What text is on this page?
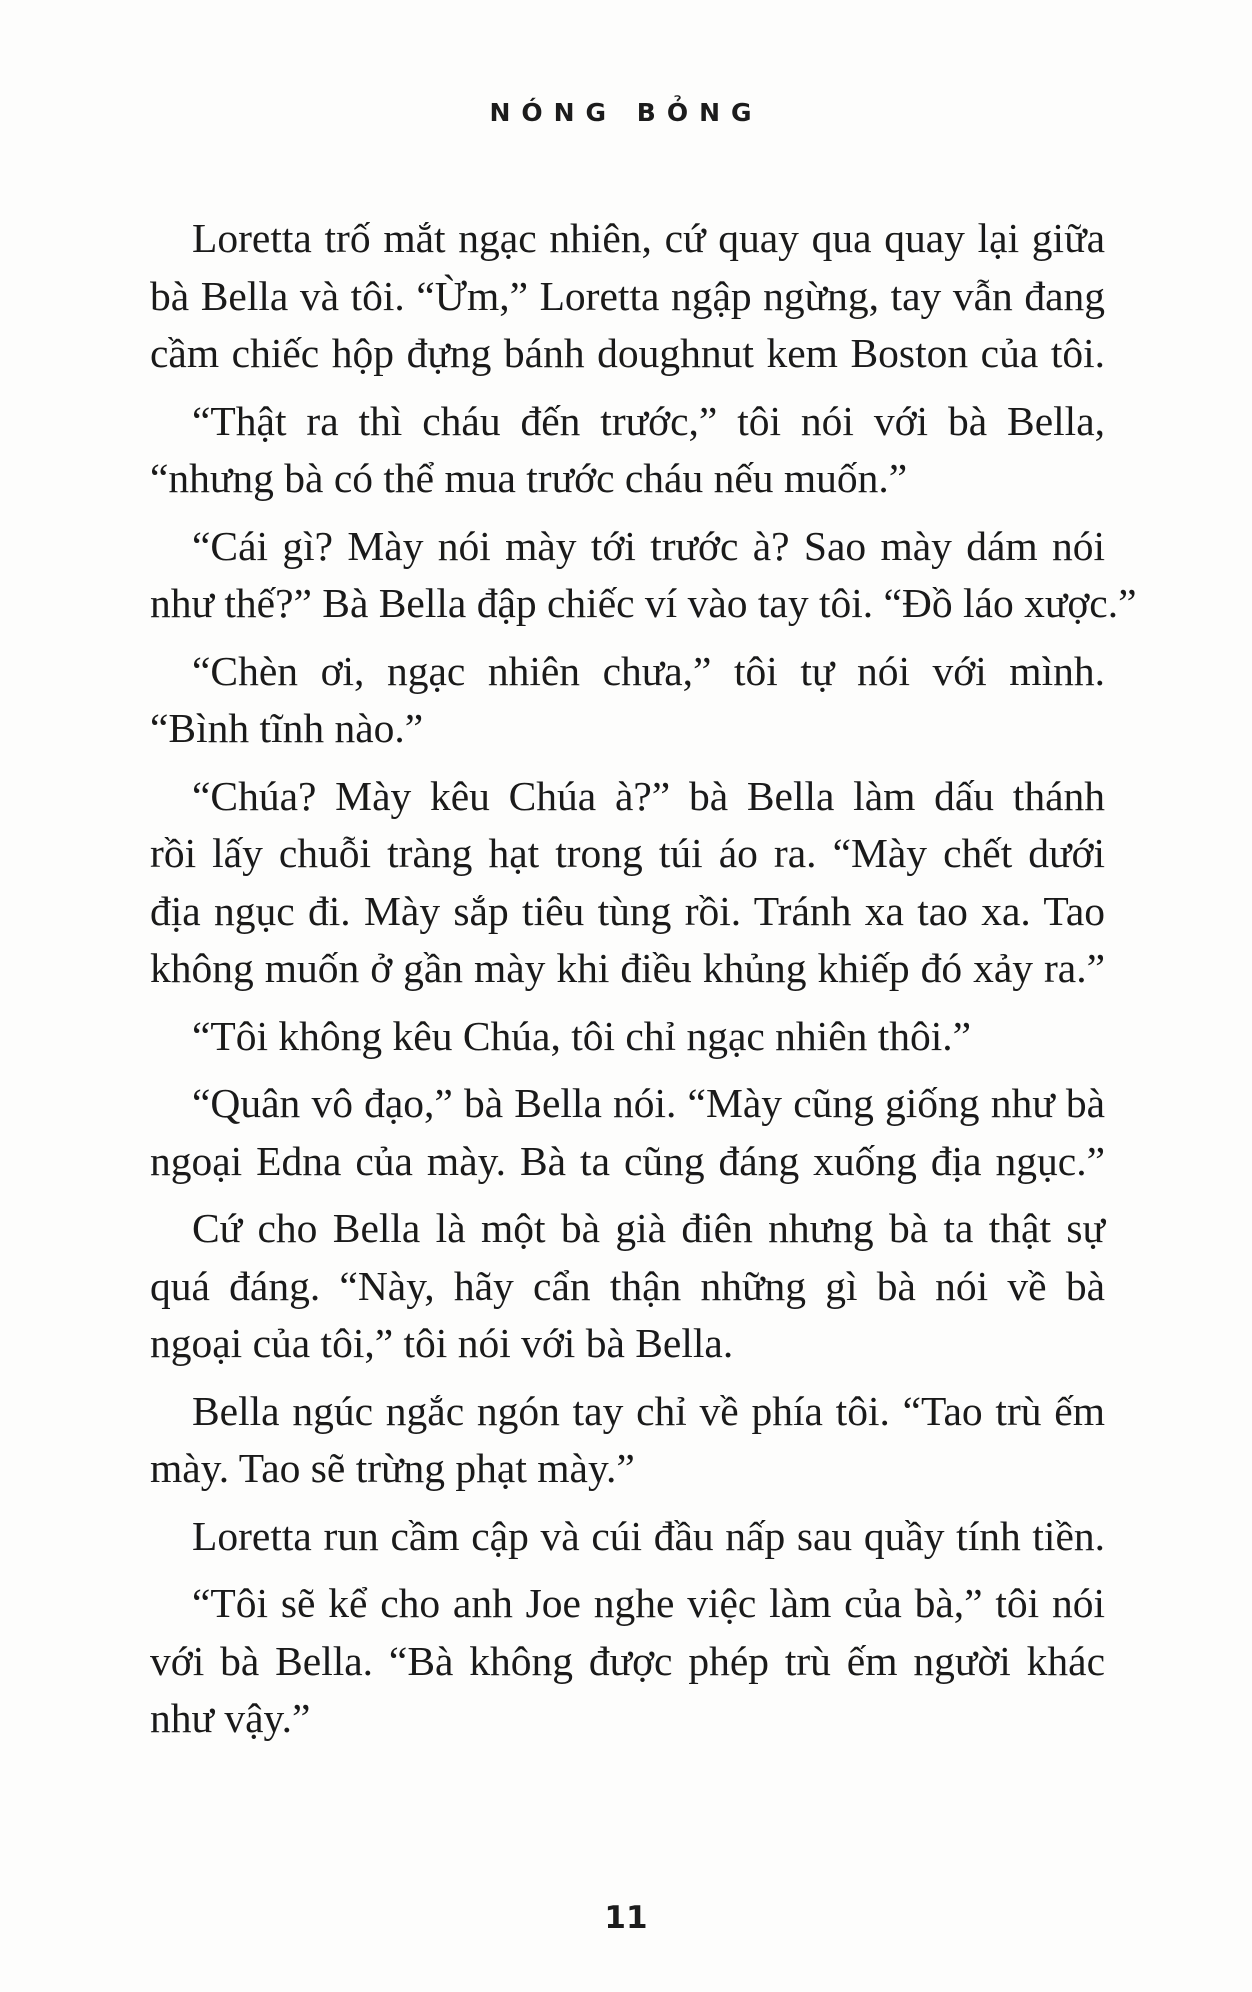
NÓNG BỎNG

Loretta trố mắt ngạc nhiên, cứ quay qua quay lại giữa
bà Bella và tôi. “Ừm,” Loretta ngập ngừng, tay vẫn đang
cầm chiếc hộp đựng bánh doughnut kem Boston của tôi.

“Thật ra thì cháu đến trước,” tôi nói với bà Bella,
“nhưng bà có thể mua trước cháu nếu muốn.”

“Cái gì? Mày nói mày tới trước à? Sao mày dám nói
như thế?” Bà Bella đập chiếc ví vào tay tôi. “Đồ láo xược.”

“Chèn ơi, ngạc nhiên chưa,” tôi tự nói với mình.
“Bình tĩnh nào.”

“Chúa? Mày kêu Chúa à?” bà Bella làm dấu thánh
rồi lấy chuỗi tràng hạt trong túi áo ra. “Mày chết dưới
địa ngục đi. Mày sắp tiêu tùng rồi. Tránh xa tao xa. Tao
không muốn ở gần mày khi điều khủng khiếp đó xảy ra.”

“Tôi không kêu Chúa, tôi chỉ ngạc nhiên thôi.”

“Quân vô đạo,” bà Bella nói. “Mày cũng giống như bà
ngoại Edna của mày. Bà ta cũng đáng xuống địa ngục.”

Cứ cho Bella là một bà già điên nhưng bà ta thật sự
quá đáng. “Này, hãy cẩn thận những gì bà nói về bà
ngoại của tôi,” tôi nói với bà Bella.

Bella ngúc ngắc ngón tay chỉ về phía tôi. “Tao trù ếm
mày. Tao sẽ trừng phạt mày.”

Loretta run cầm cập và cúi đầu nấp sau quầy tính tiền.

“Tôi sẽ kể cho anh Joe nghe việc làm của bà,” tôi nói
với bà Bella. “Bà không được phép trù ếm người khác
như vậy.”

11
